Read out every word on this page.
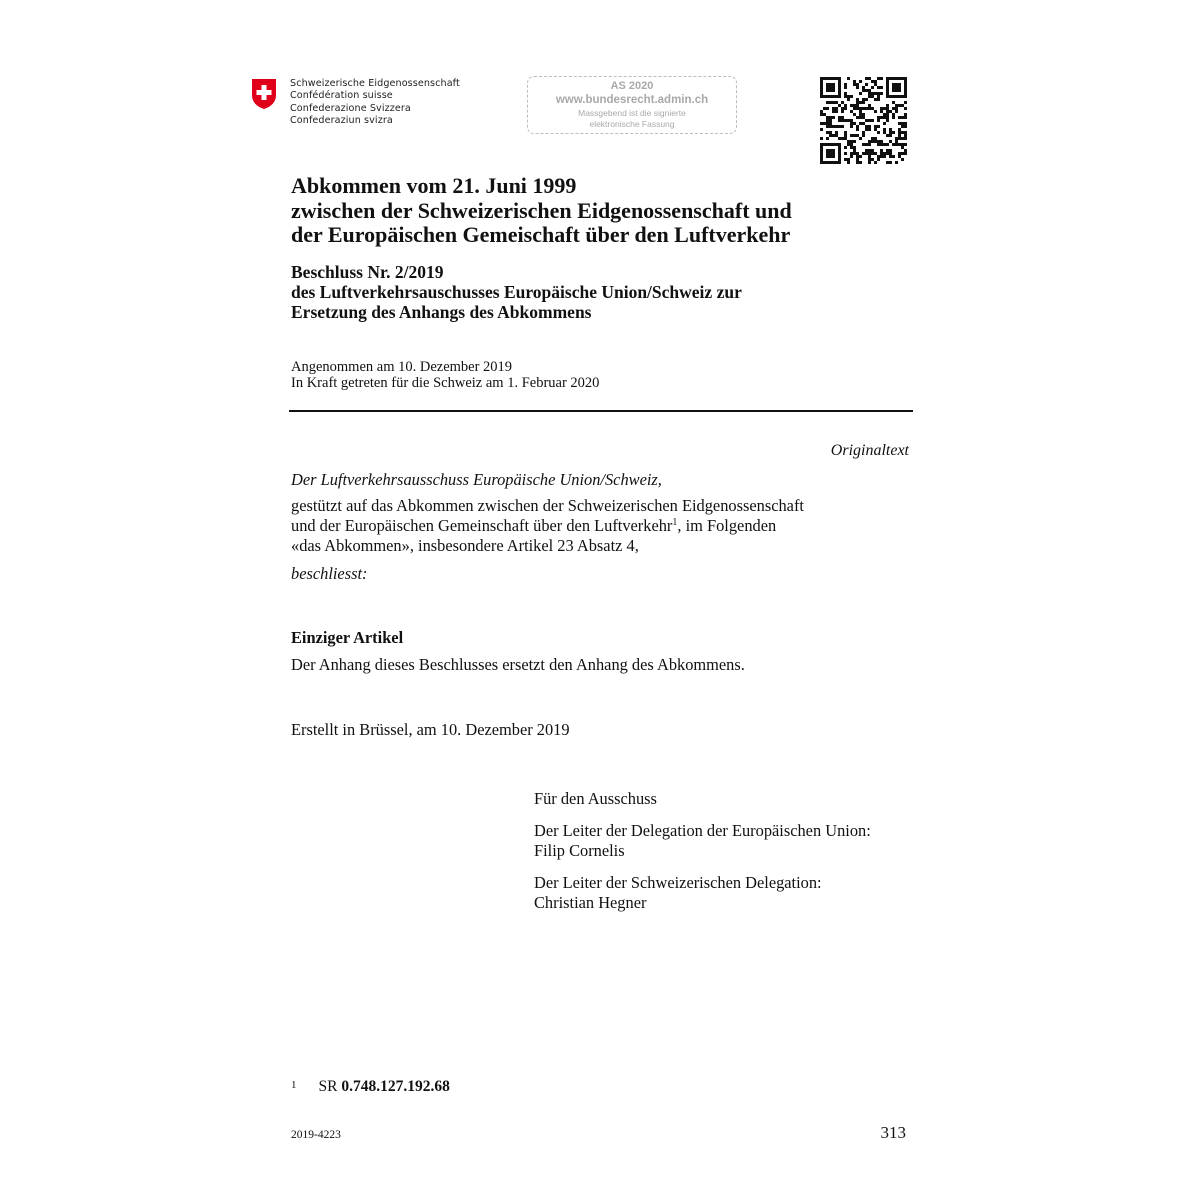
Schweizerische Eidgenossenschaft
Confédération suisse
Confederazione Svizzera
Confederaziun svizra
AS 2020
www.bundesrecht.admin.ch
Massgebend ist die signierte
elektronische Fassung
Abkommen vom 21. Juni 1999
zwischen der Schweizerischen Eidgenossenschaft und
der Europäischen Gemeischaft über den Luftverkehr
Beschluss Nr. 2/2019
des Luftverkehrsauschusses Europäische Union/Schweiz zur
Ersetzung des Anhangs des Abkommens
Angenommen am 10. Dezember 2019
In Kraft getreten für die Schweiz am 1. Februar 2020
Originaltext
Der Luftverkehrsausschuss Europäische Union/Schweiz,
gestützt auf das Abkommen zwischen der Schweizerischen Eidgenossenschaft
und der Europäischen Gemeinschaft über den Luftverkehr$^1$, im Folgenden
«das Abkommen», insbesondere Artikel 23 Absatz 4,
beschliesst:
Einziger Artikel
Der Anhang dieses Beschlusses ersetzt den Anhang des Abkommens.
Erstellt in Brüssel, am 10. Dezember 2019
Für den Ausschuss
Der Leiter der Delegation der Europäischen Union:
Filip Cornelis
Der Leiter der Schweizerischen Delegation:
Christian Hegner
1 SR 0.748.127.192.68
2019-4223	313
